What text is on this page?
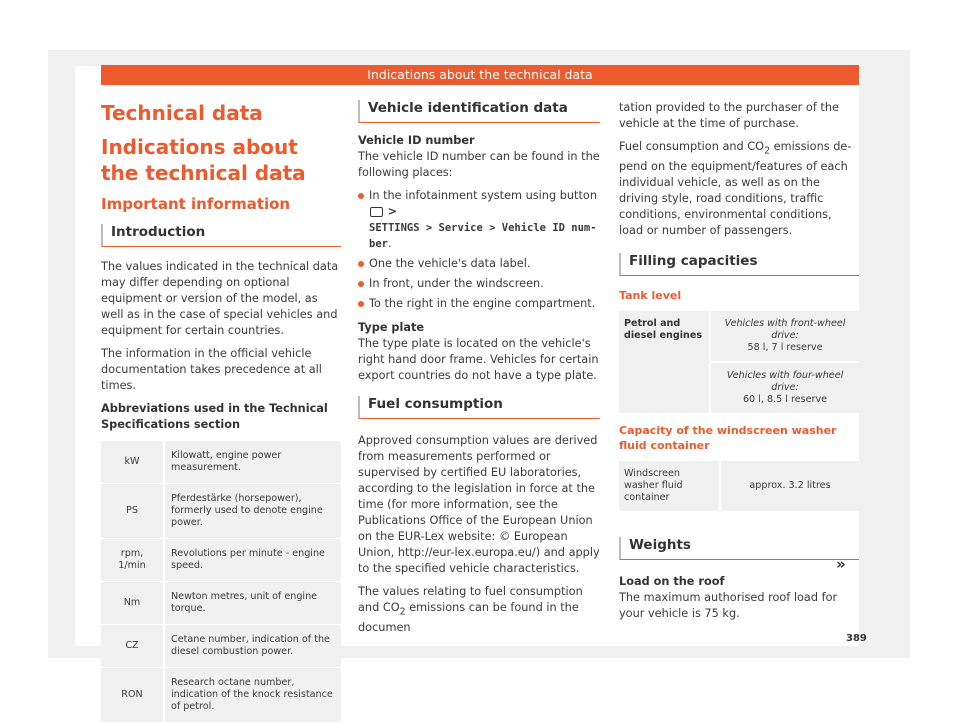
Indications about the technical data
Technical data
Indications about the technical data
Important information
Introduction

The values indicated in the technical data may differ depending on optional equipment or version of the model, as well as in the case of special vehicles and equipment for certain countries.

The information in the official vehicle documentation takes precedence at all times.

Abbreviations used in the Technical Specifications section

kW	Kilowatt, engine power measurement.
PS	Pferdestärke (horsepower), formerly used to denote engine power.
rpm, 1/min	Revolutions per minute - engine speed.
Nm	Newton metres, unit of engine torque.
CZ	Cetane number, indication of the diesel combustion power.
RON	Research octane number, indication of the knock resistance of petrol.
Vehicle identification data
Vehicle ID number

The vehicle ID number can be found in the following places:

In the infotainment system using button  >
SETTINGS > Service > Vehicle ID number.
One the vehicle's data label.
In front, under the windscreen.
To the right in the engine compartment.
Type plate

The type plate is located on the vehicle's right hand door frame. Vehicles for certain export countries do not have a type plate.

Fuel consumption

Approved consumption values are derived from measurements performed or supervised by certified EU laboratories, according to the legislation in force at the time (for more information, see the Publications Office of the European Union on the EUR-Lex website: © European Union, http://eur-lex.europa.eu/) and apply to the specified vehicle characteristics.

The values relating to fuel consumption and $CO_2$ emissions can be found in the documen

tation provided to the purchaser of the vehicle at the time of purchase.

Fuel consumption and $CO_2$ emissions depend on the equipment/features of each individual vehicle, as well as on the driving style, road conditions, traffic conditions, environmental conditions, load or number of passengers.

Filling capacities
Tank level
Petrol and diesel engines	Vehicles with front-wheel drive:
58 l, 7 l reserve
Vehicles with four-wheel drive:
60 l, 8.5 l reserve
Capacity of the windscreen washer fluid container
Windscreen washer fluid container	approx. 3.2 litres
Weights
Load on the roof

The maximum authorised roof load for your vehicle is 75 kg.

»
389
